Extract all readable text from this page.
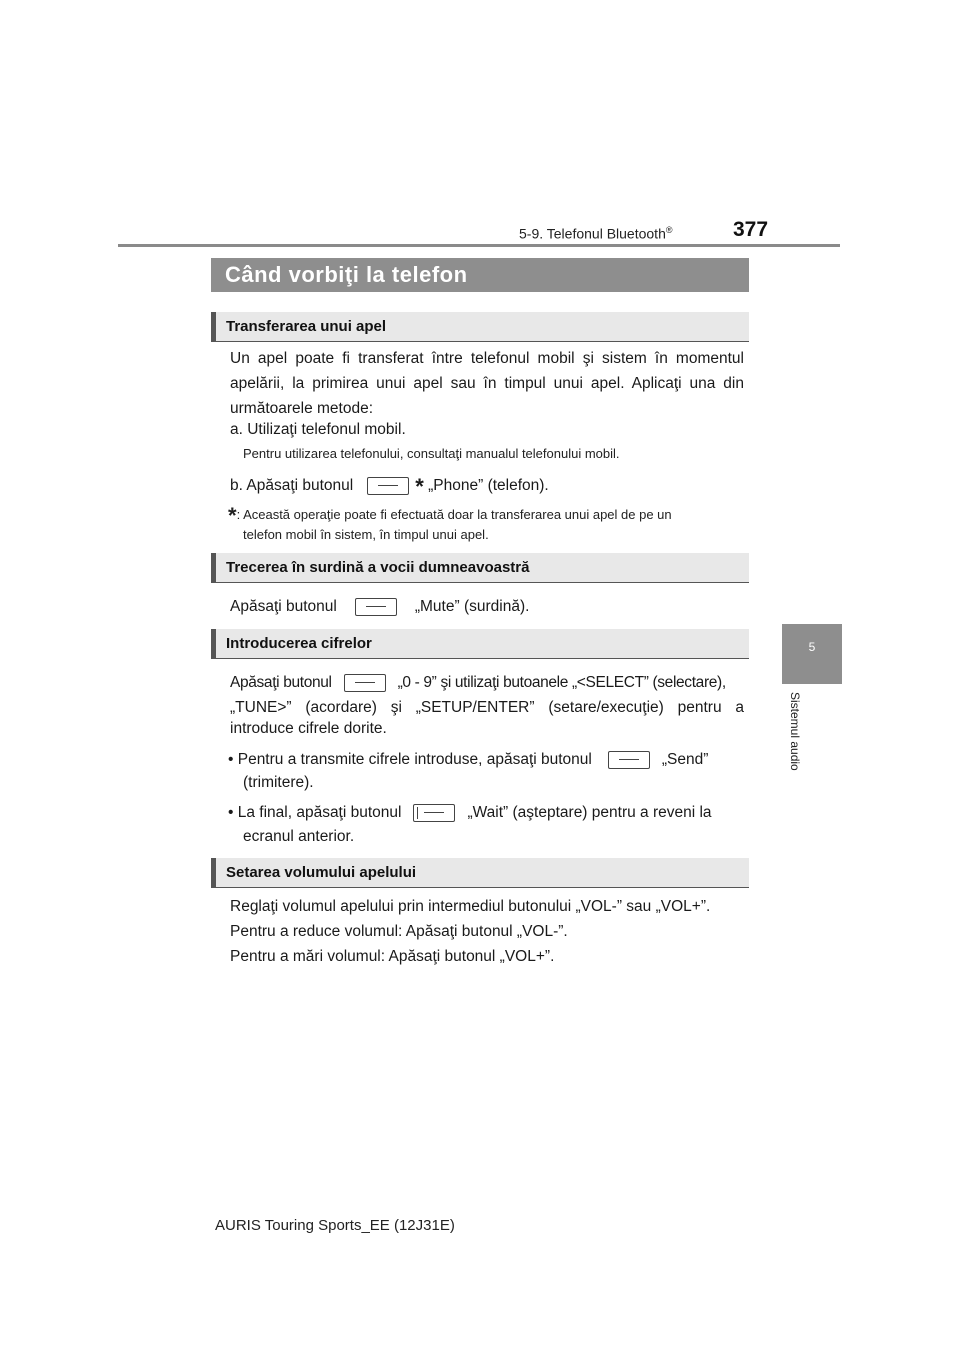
5-9. Telefonul Bluetooth®	377
5
Sistemul audio
Când vorbiţi la telefon
Transferarea unui apel
Un apel poate fi transferat între telefonul mobil şi sistem în momentul
apelării, la primirea unui apel sau în timpul unui apel. Aplicaţi una din
următoarele metode:
a. Utilizaţi telefonul mobil.
Pentru utilizarea telefonului, consultaţi manualul telefonului mobil.
b. Apăsaţi butonul	* „Phone” (telefon).
*: Această operaţie poate fi efectuată doar la transferarea unui apel de pe un
telefon mobil în sistem, în timpul unui apel.
Trecerea în surdină a vocii dumneavoastră
Apăsaţi butonul	„Mute” (surdină).
Introducerea cifrelor
Apăsaţi butonul	„0 - 9” şi utilizaţi butoanele „<SELECT” (selectare),
„TUNE>” (acordare) şi „SETUP/ENTER” (setare/execuţie) pentru a
introduce cifrele dorite.
• Pentru a transmite cifrele introduse, apăsaţi butonul	„Send”
(trimitere).
• La final, apăsaţi butonul	„Wait” (aşteptare) pentru a reveni la
ecranul anterior.
Setarea volumului apelului
Reglaţi volumul apelului prin intermediul butonului „VOL-” sau „VOL+”.
Pentru a reduce volumul: Apăsaţi butonul „VOL-”.
Pentru a mări volumul: Apăsaţi butonul „VOL+”.
AURIS Touring Sports_EE (12J31E)
